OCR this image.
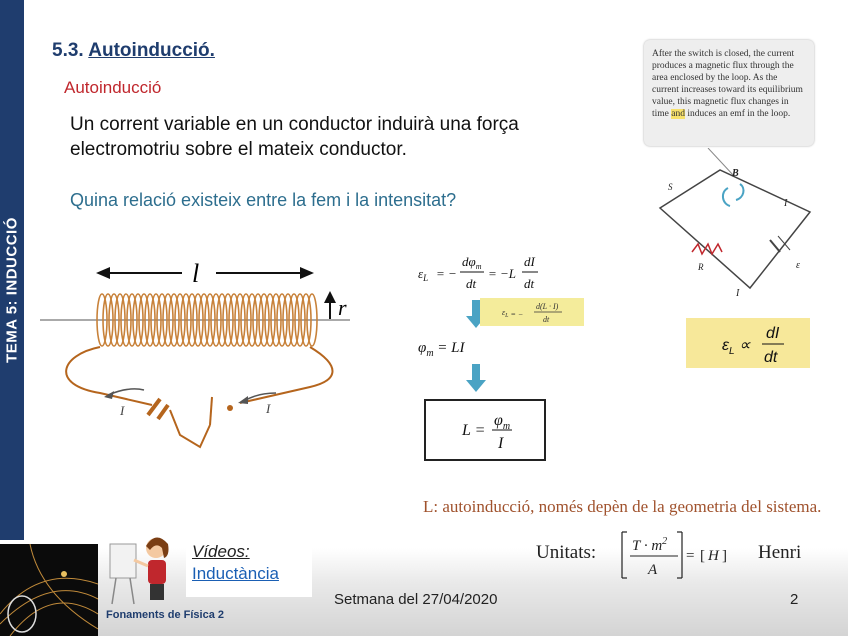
TEMA 5: INDUCCIÓ
5.3. Autoinducció.
Autoinducció
Un corrent variable en un conductor induirà una força electromotriu sobre el mateix conductor.
Quina relació existeix entre la fem i la intensitat?
After the switch is closed, the current produces a magnetic flux through the area enclosed by the loop. As the current increases toward its equilibrium value, this magnetic flux changes in time and induces an emf in the loop.
l
r
I	I
$\varepsilon_L$ = −
$d\varphi_m$
dt
= −L
dI
dt
$\varepsilon_L$ = −
d(L · I)
dt
$\varphi_m$ = LI
L =
$\varphi_m$
I
B
S
I
I
R	ε
$\varepsilon_L$ ∝
dI
dt
L: autoinducció, només depèn de la geometria del sistema.
Fonaments de Física 2
Vídeos:
Inductància
Unitats: $T \cdot m^2$
A
= [ H ] Henri
Setmana del 27/04/2020	2
